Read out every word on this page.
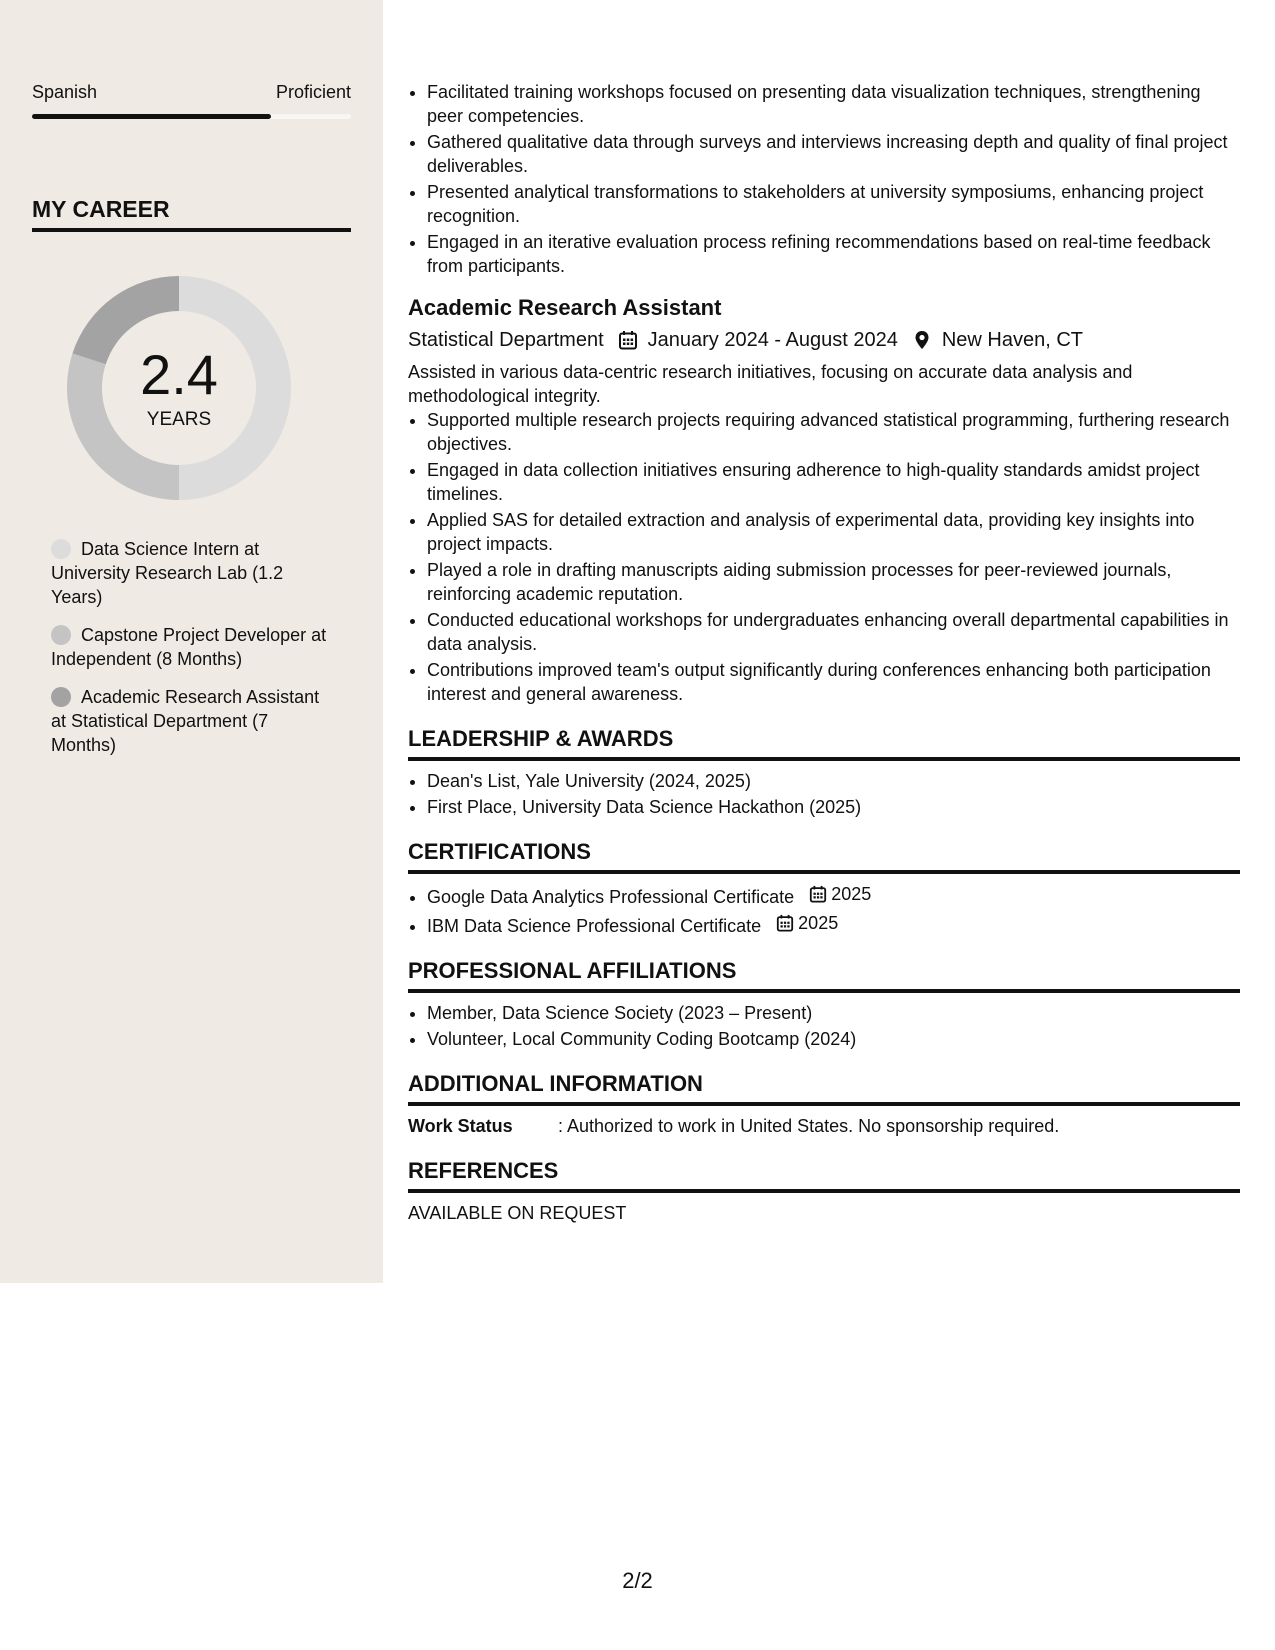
Spanish	Proficient
MY CAREER
2.4
YEARS
Data Science Intern at University Research Lab (1.2 Years)
Capstone Project Developer at Independent (8 Months)
Academic Research Assistant at Statistical Department (7 Months)
• Facilitated training workshops focused on presenting data visualization techniques, strengthening peer competencies.
• Gathered qualitative data through surveys and interviews increasing depth and quality of final project deliverables.
• Presented analytical transformations to stakeholders at university symposiums, enhancing project recognition.
• Engaged in an iterative evaluation process refining recommendations based on real-time feedback from participants.
Academic Research Assistant
Statistical Department January 2024 - August 2024 New Haven, CT
Assisted in various data-centric research initiatives, focusing on accurate data analysis and methodological integrity.
• Supported multiple research projects requiring advanced statistical programming, furthering research objectives.
• Engaged in data collection initiatives ensuring adherence to high-quality standards amidst project timelines.
• Applied SAS for detailed extraction and analysis of experimental data, providing key insights into project impacts.
• Played a role in drafting manuscripts aiding submission processes for peer-reviewed journals, reinforcing academic reputation.
• Conducted educational workshops for undergraduates enhancing overall departmental capabilities in data analysis.
• Contributions improved team's output significantly during conferences enhancing both participation interest and general awareness.
LEADERSHIP & AWARDS
• Dean's List, Yale University (2024, 2025)
• First Place, University Data Science Hackathon (2025)
CERTIFICATIONS
• Google Data Analytics Professional Certificate 2025
• IBM Data Science Professional Certificate 2025
PROFESSIONAL AFFILIATIONS
• Member, Data Science Society (2023 – Present)
• Volunteer, Local Community Coding Bootcamp (2024)
ADDITIONAL INFORMATION
Work Status	: Authorized to work in United States. No sponsorship required.
REFERENCES
AVAILABLE ON REQUEST
2/2
